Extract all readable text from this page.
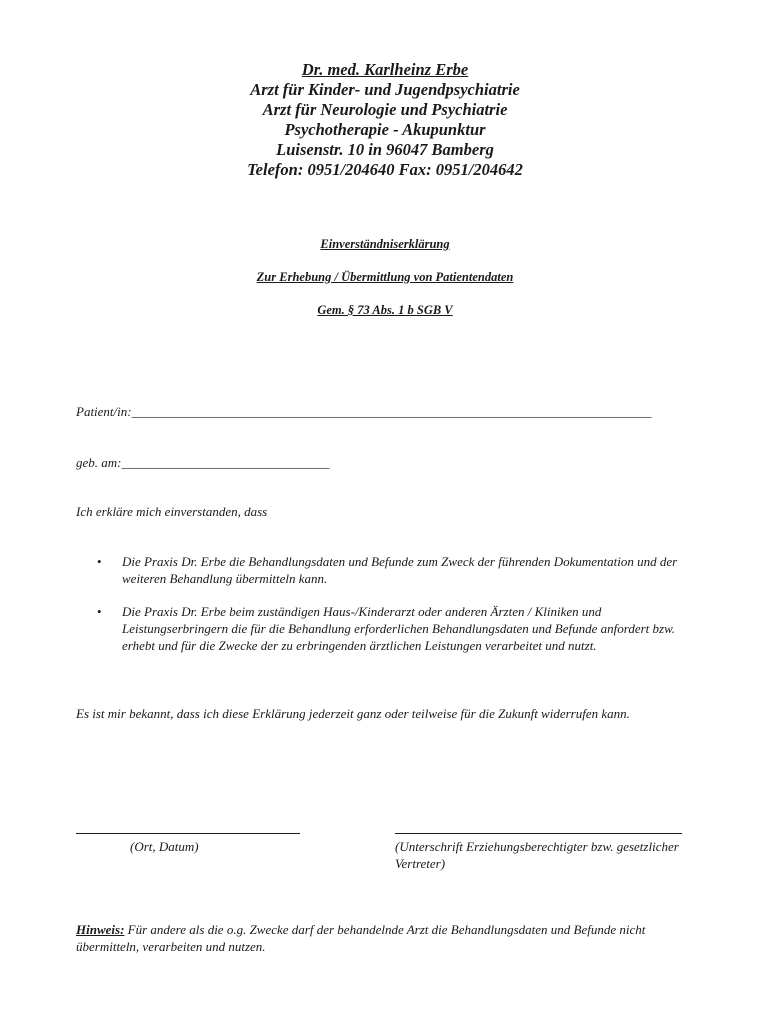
Dr. med. Karlheinz Erbe
Arzt für Kinder- und Jugendpsychiatrie
Arzt für Neurologie und Psychiatrie
Psychotherapie - Akupunktur
Luisenstr. 10 in 96047 Bamberg
Telefon: 0951/204640 Fax: 0951/204642
Einverständniserklärung
Zur Erhebung / Übermittlung von Patientendaten
Gem. § 73 Abs. 1 b SGB V
Patient/in:________________________________________________________________________________
geb. am:________________________________
Ich erkläre mich einverstanden, dass
• Die Praxis Dr. Erbe die Behandlungsdaten und Befunde zum Zweck der führenden Dokumentation und der weiteren Behandlung übermitteln kann.
• Die Praxis Dr. Erbe beim zuständigen Haus-/Kinderarzt oder anderen Ärzten / Kliniken und Leistungserbringern die für die Behandlung erforderlichen Behandlungsdaten und Befunde anfordert bzw. erhebt und für die Zwecke der zu erbringenden ärztlichen Leistungen verarbeitet und nutzt.
Es ist mir bekannt, dass ich diese Erklärung jederzeit ganz oder teilweise für die Zukunft widerrufen kann.
(Ort, Datum)	(Unterschrift Erziehungsberechtigter bzw. gesetzlicher Vertreter)
Hinweis: Für andere als die o.g. Zwecke darf der behandelnde Arzt die Behandlungsdaten und Befunde nicht übermitteln, verarbeiten und nutzen.
